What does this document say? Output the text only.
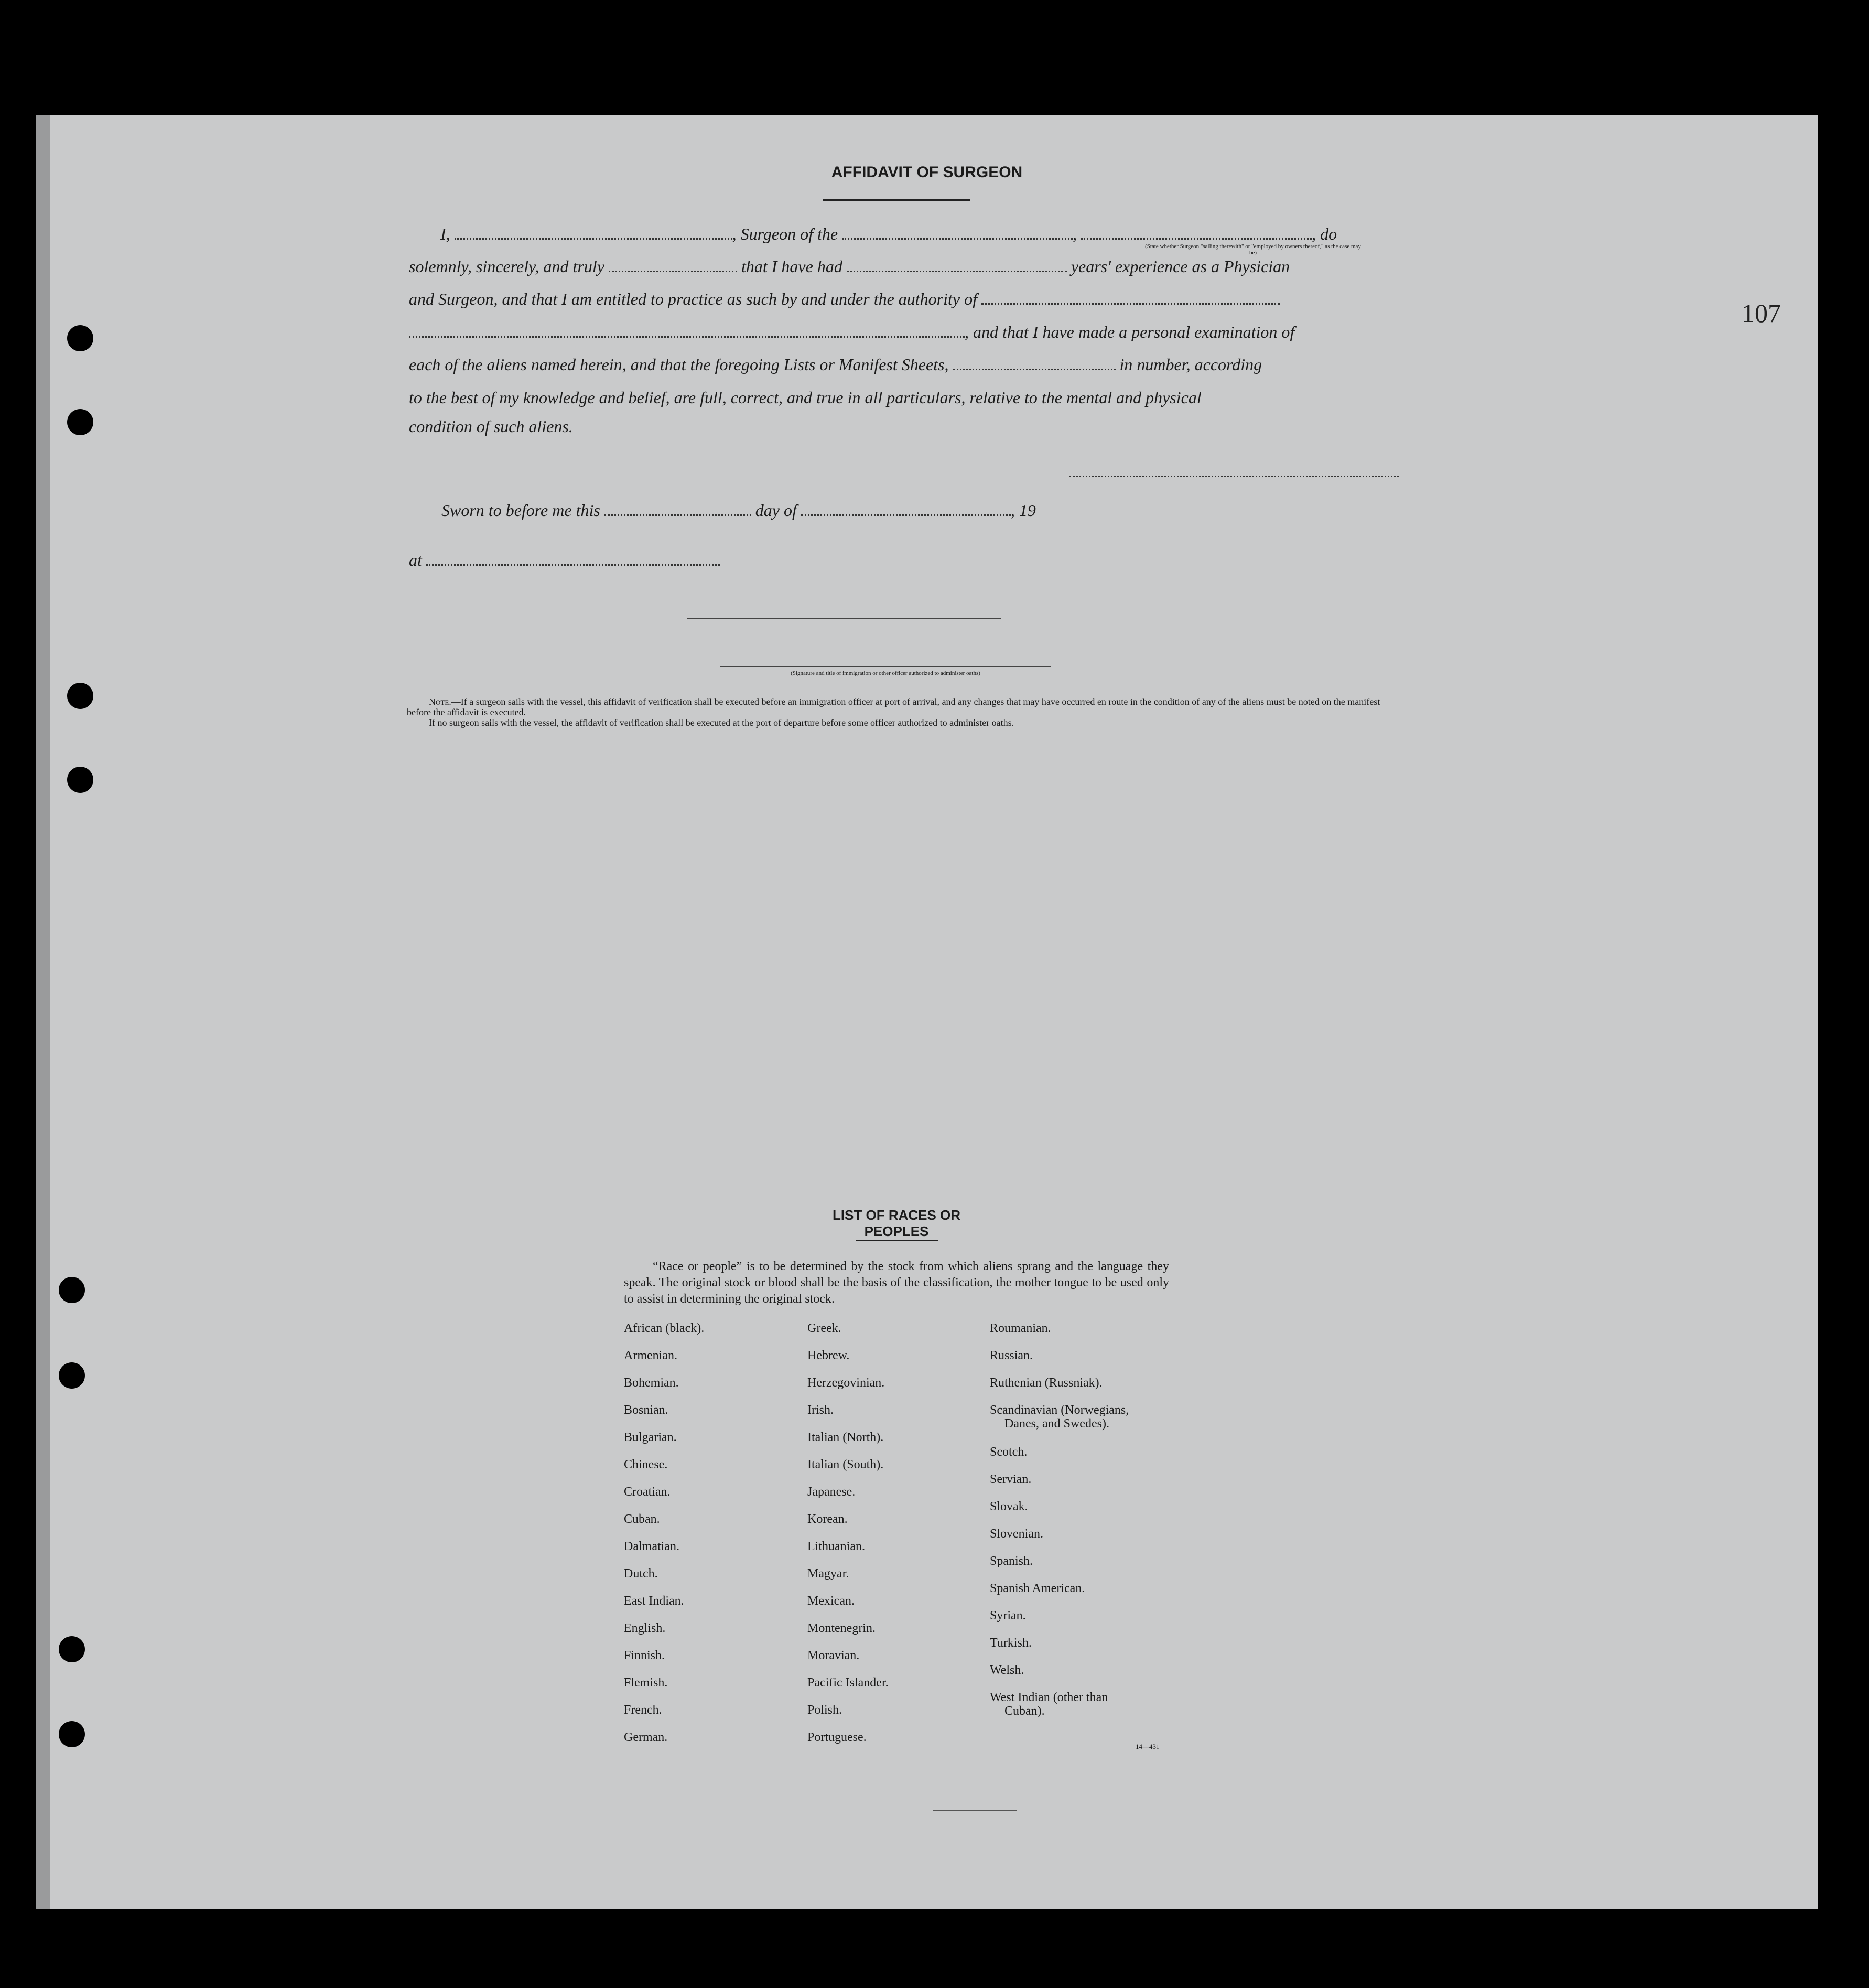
107
AFFIDAVIT OF SURGEON
I,	, Surgeon of the	,	, do
(State whether Surgeon "sailing therewith" or "employed by owners thereof," as the case may be)
solemnly, sincerely, and truly	that I have had	years' experience as a Physician
and Surgeon, and that I am entitled to practice as such by and under the authority of
, and that I have made a personal examination of
each of the aliens named herein, and that the foregoing Lists or Manifest Sheets,	in number, according
to the best of my knowledge and belief, are full, correct, and true in all particulars, relative to the mental and physical
condition of such aliens.
Sworn to before me this	day of	, 19
at
(Signature and title of immigration or other officer authorized to administer oaths)
Note.—If a surgeon sails with the vessel, this affidavit of verification shall be executed before an immigration officer at port of arrival, and any changes that may have occurred en route in the condition of any of the aliens must be noted on the manifest before the affidavit is executed.
If no surgeon sails with the vessel, the affidavit of verification shall be executed at the port of departure before some officer authorized to administer oaths.
LIST OF RACES OR PEOPLES
“Race or people” is to be determined by the stock from which aliens sprang and the language they speak. The original stock or blood shall be the basis of the classification, the mother tongue to be used only to assist in determining the original stock.
African (black).
Armenian.
Bohemian.
Bosnian.
Bulgarian.
Chinese.
Croatian.
Cuban.
Dalmatian.
Dutch.
East Indian.
English.
Finnish.
Flemish.
French.
German.
Greek.
Hebrew.
Herzegovinian.
Irish.
Italian (North).
Italian (South).
Japanese.
Korean.
Lithuanian.
Magyar.
Mexican.
Montenegrin.
Moravian.
Pacific Islander.
Polish.
Portuguese.
Roumanian.
Russian.
Ruthenian (Russniak).
Scandinavian (Norwegians,
Danes, and Swedes).
Scotch.
Servian.
Slovak.
Slovenian.
Spanish.
Spanish American.
Syrian.
Turkish.
Welsh.
West Indian (other than
Cuban).
14—431
